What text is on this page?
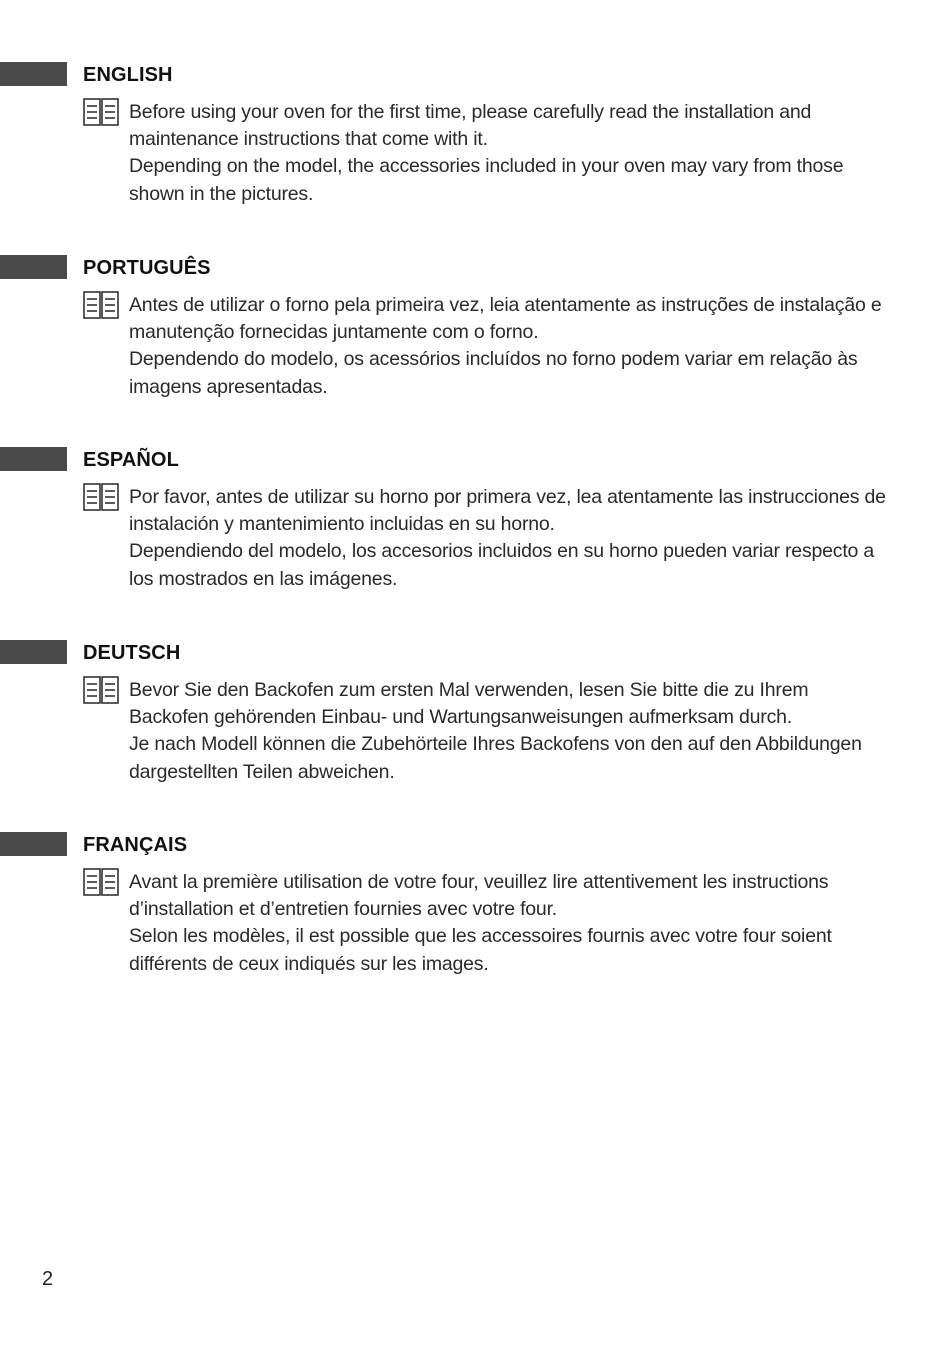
ENGLISH

Before using your oven for the first time, please carefully read the installation and maintenance instructions that come with it.

Depending on the model, the accessories included in your oven may vary from those shown in the pictures.

PORTUGUÊS

Antes de utilizar o forno pela primeira vez, leia atentamente as instruções de instalação e manutenção fornecidas juntamente com o forno.

Dependendo do modelo, os acessórios incluídos no forno podem variar em relação às imagens apresentadas.

ESPAÑOL

Por favor, antes de utilizar su horno por primera vez, lea atentamente las instrucciones de instalación y mantenimiento incluidas en su horno.

Dependiendo del modelo, los accesorios incluidos en su horno pueden variar respecto a los mostrados en las imágenes.

DEUTSCH

Bevor Sie den Backofen zum ersten Mal verwenden, lesen Sie bitte die zu Ihrem Backofen gehörenden Einbau- und Wartungsanweisungen aufmerksam durch.

Je nach Modell können die Zubehörteile Ihres Backofens von den auf den Abbildungen dargestellten Teilen abweichen.

FRANÇAIS

Avant la première utilisation de votre four, veuillez lire attentivement les instructions d’installation et d’entretien fournies avec votre four.

Selon les modèles, il est possible que les accessoires fournis avec votre four soient différents de ceux indiqués sur les images.

2
